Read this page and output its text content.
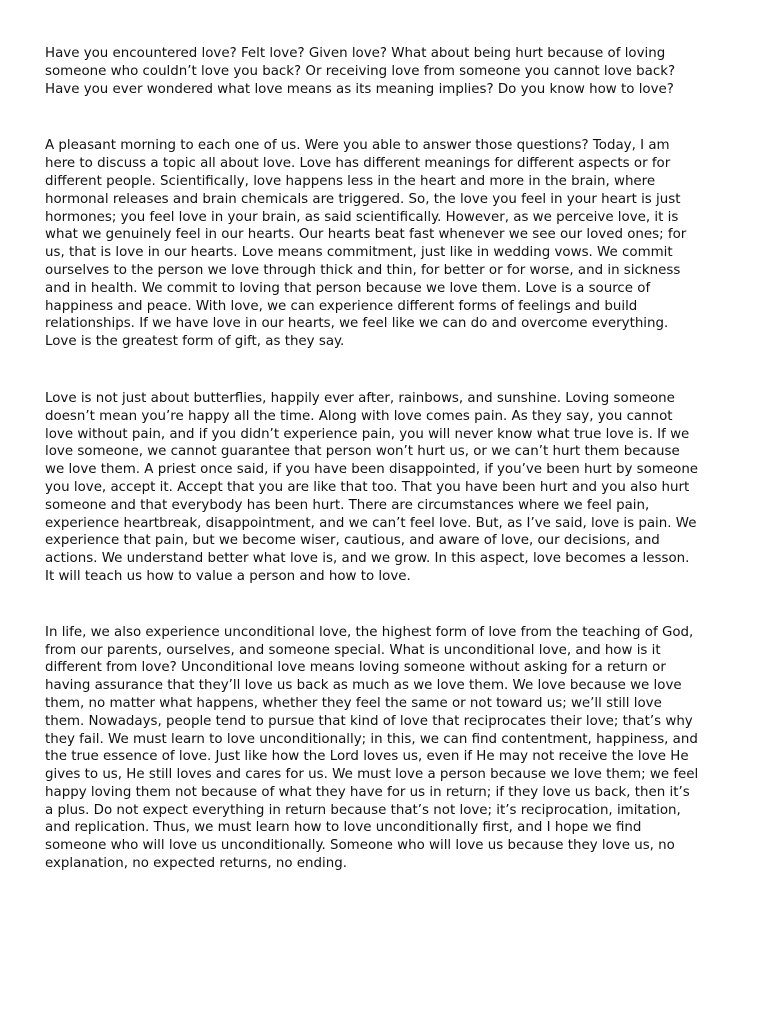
Have you encountered love? Felt love? Given love? What about being hurt because of loving
someone who couldn’t love you back? Or receiving love from someone you cannot love back?
Have you ever wondered what love means as its meaning implies? Do you know how to love?

A pleasant morning to each one of us. Were you able to answer those questions? Today, I am
here to discuss a topic all about love. Love has different meanings for different aspects or for
different people. Scientifically, love happens less in the heart and more in the brain, where
hormonal releases and brain chemicals are triggered. So, the love you feel in your heart is just
hormones; you feel love in your brain, as said scientifically. However, as we perceive love, it is
what we genuinely feel in our hearts. Our hearts beat fast whenever we see our loved ones; for
us, that is love in our hearts. Love means commitment, just like in wedding vows. We commit
ourselves to the person we love through thick and thin, for better or for worse, and in sickness
and in health. We commit to loving that person because we love them. Love is a source of
happiness and peace. With love, we can experience different forms of feelings and build
relationships. If we have love in our hearts, we feel like we can do and overcome everything.
Love is the greatest form of gift, as they say.

Love is not just about butterflies, happily ever after, rainbows, and sunshine. Loving someone
doesn’t mean you’re happy all the time. Along with love comes pain. As they say, you cannot
love without pain, and if you didn’t experience pain, you will never know what true love is. If we
love someone, we cannot guarantee that person won’t hurt us, or we can’t hurt them because
we love them. A priest once said, if you have been disappointed, if you’ve been hurt by someone
you love, accept it. Accept that you are like that too. That you have been hurt and you also hurt
someone and that everybody has been hurt. There are circumstances where we feel pain,
experience heartbreak, disappointment, and we can’t feel love. But, as I’ve said, love is pain. We
experience that pain, but we become wiser, cautious, and aware of love, our decisions, and
actions. We understand better what love is, and we grow. In this aspect, love becomes a lesson.
It will teach us how to value a person and how to love.

In life, we also experience unconditional love, the highest form of love from the teaching of God,
from our parents, ourselves, and someone special. What is unconditional love, and how is it
different from love? Unconditional love means loving someone without asking for a return or
having assurance that they’ll love us back as much as we love them. We love because we love
them, no matter what happens, whether they feel the same or not toward us; we’ll still love
them. Nowadays, people tend to pursue that kind of love that reciprocates their love; that’s why
they fail. We must learn to love unconditionally; in this, we can find contentment, happiness, and
the true essence of love. Just like how the Lord loves us, even if He may not receive the love He
gives to us, He still loves and cares for us. We must love a person because we love them; we feel
happy loving them not because of what they have for us in return; if they love us back, then it’s
a plus. Do not expect everything in return because that’s not love; it’s reciprocation, imitation,
and replication. Thus, we must learn how to love unconditionally first, and I hope we find
someone who will love us unconditionally. Someone who will love us because they love us, no
explanation, no expected returns, no ending.
